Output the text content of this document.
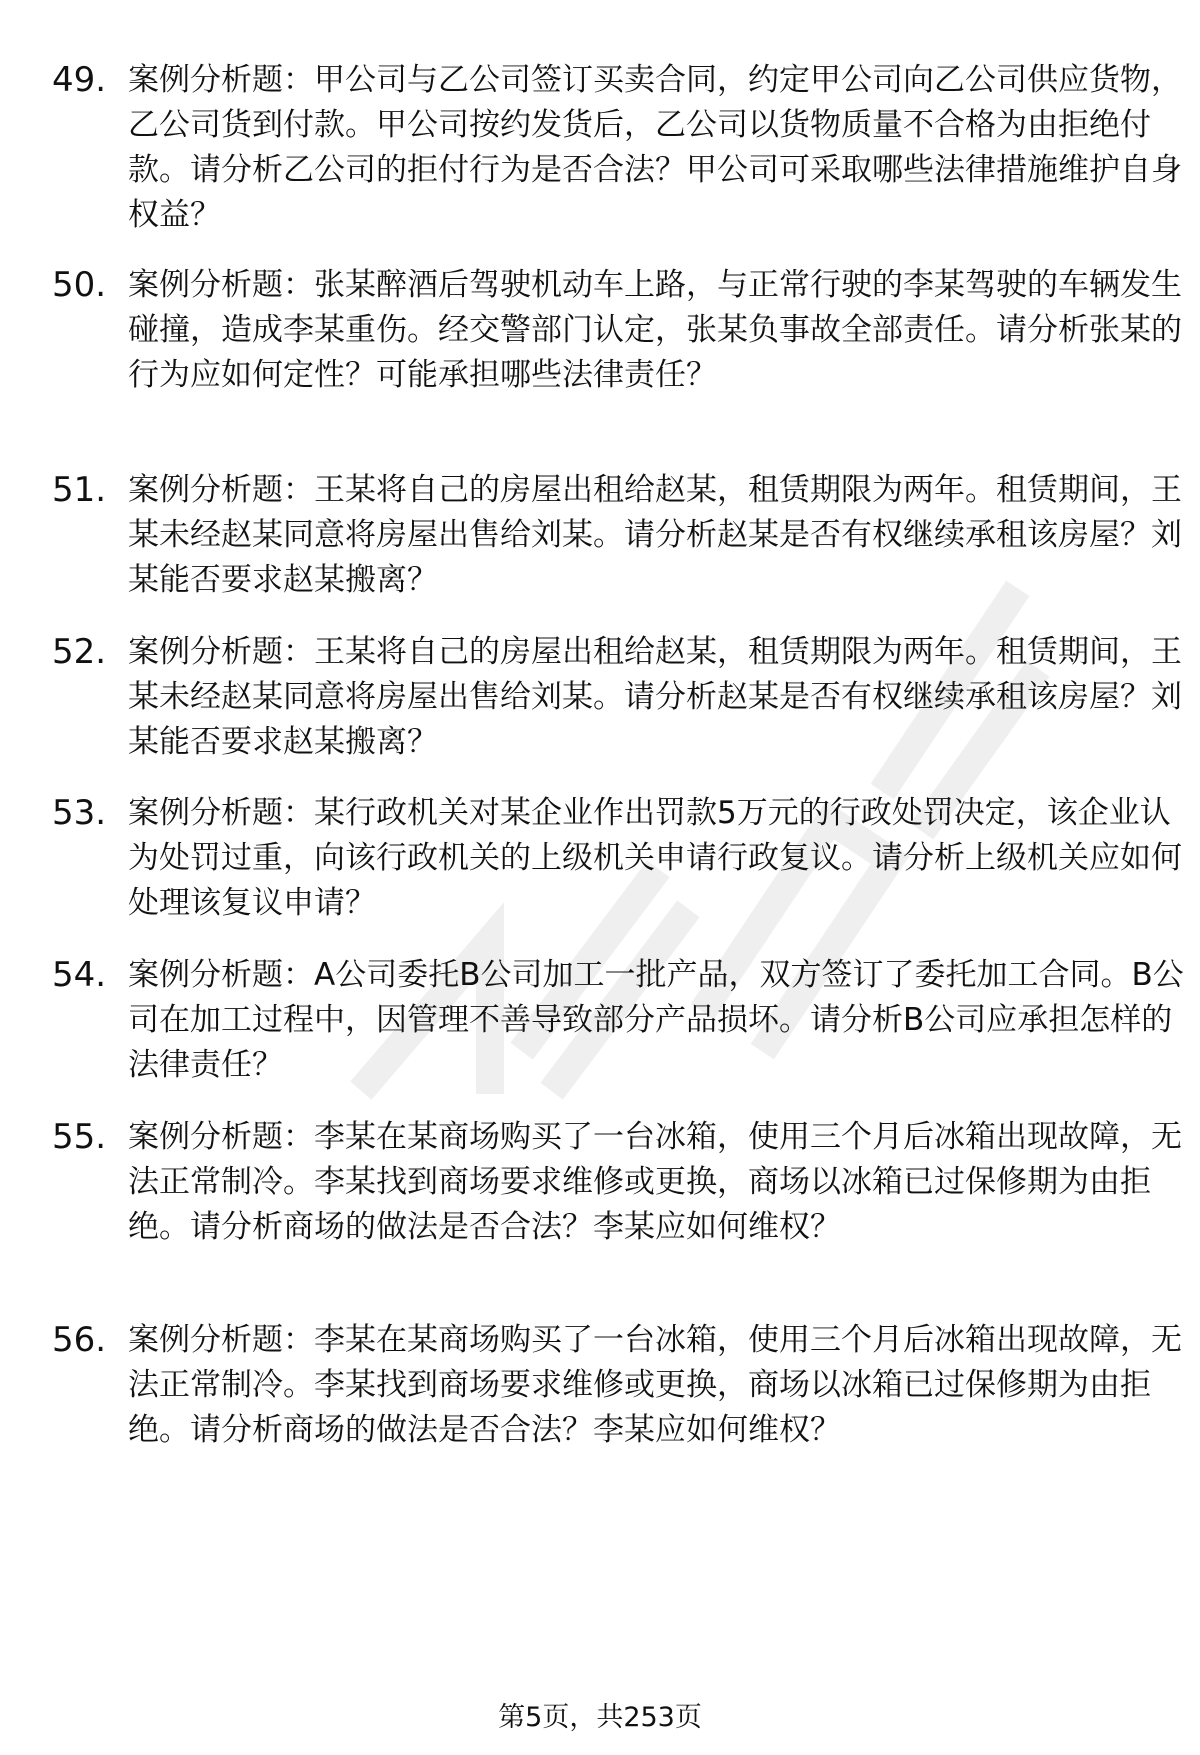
49. 案例分析题：甲公司与乙公司签订买卖合同，约定甲公司向乙公司供应货物，乙公司货到付款。甲公司按约发货后，乙公司以货物质量不合格为由拒绝付款。请分析乙公司的拒付行为是否合法？甲公司可采取哪些法律措施维护自身权益？
50. 案例分析题：张某醉酒后驾驶机动车上路，与正常行驶的李某驾驶的车辆发生碰撞，造成李某重伤。经交警部门认定，张某负事故全部责任。请分析张某的行为应如何定性？可能承担哪些法律责任？
51. 案例分析题：王某将自己的房屋出租给赵某，租赁期限为两年。租赁期间，王某未经赵某同意将房屋出售给刘某。请分析赵某是否有权继续承租该房屋？刘某能否要求赵某搬离？
52. 案例分析题：王某将自己的房屋出租给赵某，租赁期限为两年。租赁期间，王某未经赵某同意将房屋出售给刘某。请分析赵某是否有权继续承租该房屋？刘某能否要求赵某搬离？
53. 案例分析题：某行政机关对某企业作出罚款5万元的行政处罚决定，该企业认为处罚过重，向该行政机关的上级机关申请行政复议。请分析上级机关应如何处理该复议申请？
54. 案例分析题：A公司委托B公司加工一批产品，双方签订了委托加工合同。B公司在加工过程中，因管理不善导致部分产品损坏。请分析B公司应承担怎样的法律责任？
55. 案例分析题：李某在某商场购买了一台冰箱，使用三个月后冰箱出现故障，无法正常制冷。李某找到商场要求维修或更换，商场以冰箱已过保修期为由拒绝。请分析商场的做法是否合法？李某应如何维权？
56. 案例分析题：李某在某商场购买了一台冰箱，使用三个月后冰箱出现故障，无法正常制冷。李某找到商场要求维修或更换，商场以冰箱已过保修期为由拒绝。请分析商场的做法是否合法？李某应如何维权？
第5页，共253页
